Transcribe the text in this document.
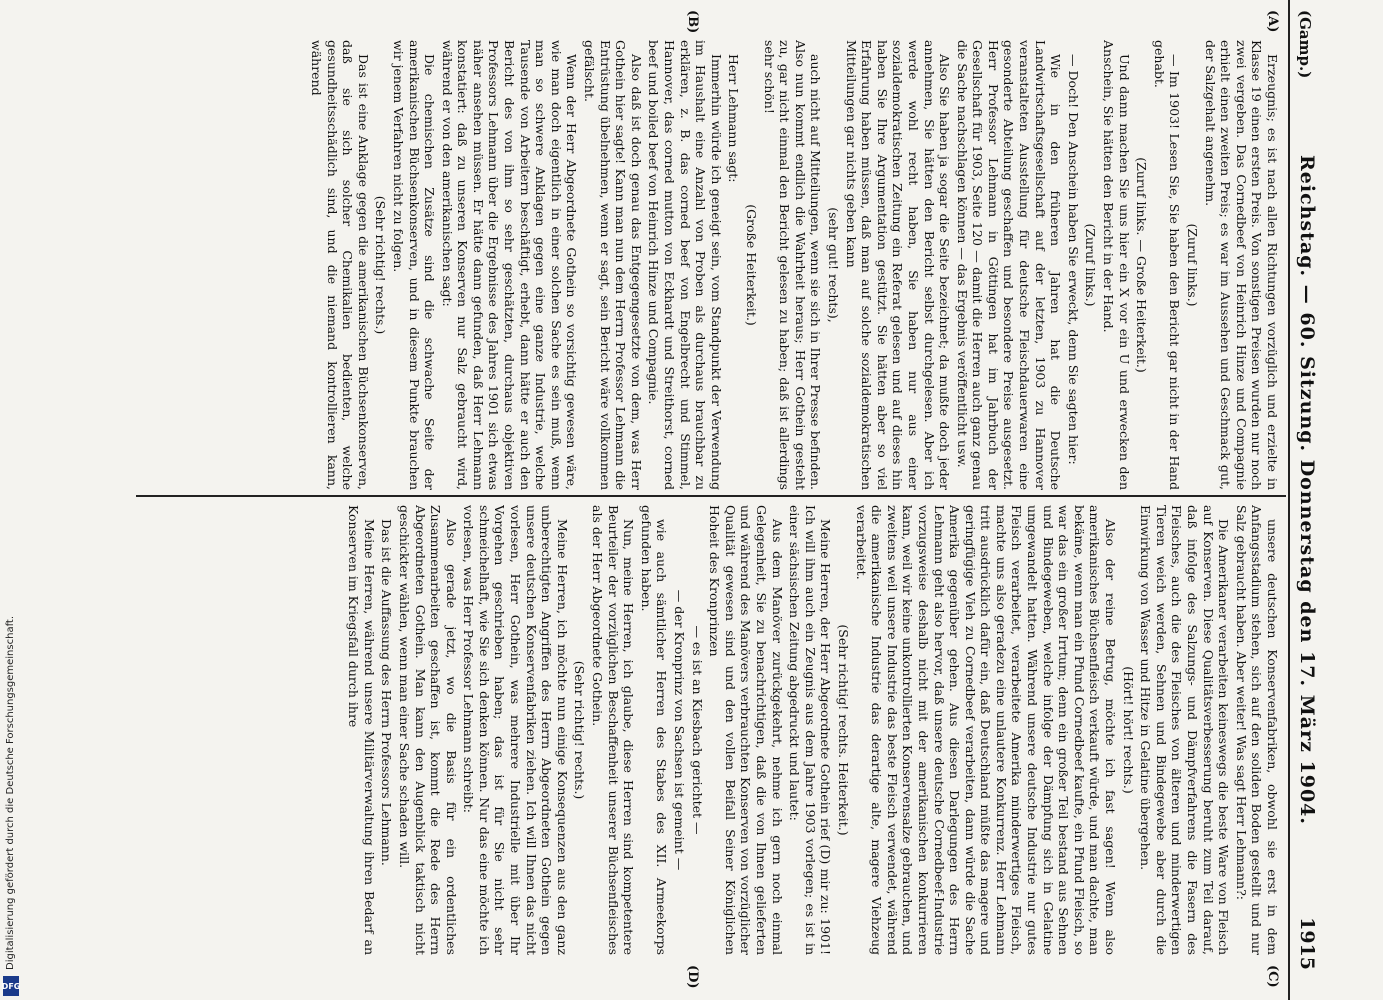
Digitalisierung gefördert durch die Deutsche Forschungsgemeinschaft.
DFG
(Gamp.)
Reichstag. — 60. Sitzung. Donnerstag den 17. März 1904.
1915
(A)
(B)
(C)
(D)

Erzeugnis; es ist nach allen Richtungen vorzüglich und erzielte in Klasse 19 einen ersten Preis. Von sonstigen Preisen wurden nur noch zwei vergeben. Das Cornedbeef von Heinrich Hinze und Compagnie erhielt einen zweiten Preis; es war im Aussehen und Geschmack gut, der Salzgehalt angenehm.

(Zuruf links.)

— Im 1903! Lesen Sie, Sie haben den Bericht gar nicht in der Hand gehabt.

(Zuruf links. — Große Heiterkeit.)

Und dann machen Sie uns hier ein X vor ein U und erwecken den Anschein, Sie hätten den Bericht in der Hand.

(Zuruf links.)

— Doch! Den Anschein haben Sie erweckt, denn Sie sagten hier:

Wie in den früheren Jahren hat die Deutsche Landwirtschaftsgesellschaft auf der letzten, 1903 zu Hannover veranstalteten Ausstellung für deutsche Fleischdauerwaren eine gesonderte Abteilung geschaffen und besondere Preise ausgesetzt. Herr Professor Lehmann in Göttingen hat im Jahrbuch der Gesellschaft für 1903, Seite 120 — damit die Herren auch ganz genau die Sache nachschlagen können — das Ergebnis veröffentlicht usw.

Also Sie haben ja sogar die Seite bezeichnet; da mußte doch jeder annehmen, Sie hätten den Bericht selbst durchgelesen. Aber ich werde wohl recht haben, Sie haben nur aus einer sozialdemokratischen Zeitung ein Referat gelesen und auf dieses hin haben Sie Ihre Argumentation gestützt. Sie hätten aber so viel Erfahrung haben müssen, daß man auf solche sozialdemokratischen Mitteilungen gar nichts geben kann

(sehr gut! rechts),

auch nicht auf Mitteilungen, wenn sie sich in Ihrer Presse befinden. Also nun kommt endlich die Wahrheit heraus; Herr Gothein gesteht zu, gar nicht einmal den Bericht gelesen zu haben; daß ist allerdings sehr schön!

(Große Heiterkeit.)

Herr Lehmann sagt:

Immerhin würde ich geneigt sein, vom Standpunkt der Verwendung im Haushalt eine Anzahl von Proben als durchaus brauchbar zu erklären, z. B. das corned beef von Engelbrecht und Stimmel, Hannover, das corned mutton von Eckhardt und Streithorst, corned beef und boiled beef von Heinrich Hinze und Compagnie.

Also daß ist doch genau das Entgegengesetzte von dem, was Herr Gothein hier sagte! Kann man nun dem Herrn Professor Lehmann die Entrüstung übelnehmen, wenn er sagt, sein Bericht wäre vollkommen gefälscht.

Wenn der Herr Abgeordnete Gothein so vorsichtig gewesen wäre, wie man doch eigentlich in einer solchen Sache es sein muß, wenn man so schwere Anklagen gegen eine ganze Industrie, welche Tausende von Arbeitern beschäftigt, erhebt, dann hätte er auch den Bericht des von ihm so sehr geschätzten, durchaus objektiven Professors Lehmann über die Ergebnisse des Jahres 1901 sich etwas näher ansehen müssen. Er hätte dann gefunden, daß Herr Lehmann konstatiert: daß zu unseren Konserven nur Salz gebraucht wird, während er von den amerikanischen sagt:

Die chemischen Zusätze sind die schwache Seite der amerikanischen Büchsenkonserven, und in diesem Punkte brauchen wir jenem Verfahren nicht zu folgen.

(Sehr richtig! rechts.)

Das ist eine Anklage gegen die amerikanischen Büchsenkonserven, daß sie sich solcher Chemikalien bedienten, welche gesundheitsschädlich sind, und die niemand kontrollieren kann, während

unsere deutschen Konservenfabriken, obwohl sie erst in dem Anfangsstadium stehen, sich auf den soliden Boden gestellt und nur Salz gebraucht haben. Aber weiter! Was sagt Herr Lehmann?:

Die Amerikaner verarbeiten keineswegs die beste Ware von Fleisch auf Konserven. Diese Qualitätsverbesserung beruht zum Teil darauf, daß infolge des Salzungs- und Dämpfverfahrens die Fasern des Fleisches, auch die des Fleisches von älteren und minderwertigen Tieren weich werden, Sehnen und Bindegewebe aber durch die Einwirkung von Wasser und Hitze in Gelatine übergehen.

(Hört! hört! rechts.)

Also der reine Betrug, möchte ich fast sagen! Wenn also amerikanisches Büchsenfleisch verkauft würde, und man dachte, man bekäme, wenn man ein Pfund Cornedbeef kaufte, ein Pfund Fleisch, so war das ein großer Irrtum; denn ein großer Teil bestand aus Sehnen und Bindegeweben, welche infolge der Dämpfung sich in Gelatine umgewandelt hatten. Während unsere deutsche Industrie nur gutes Fleisch verarbeitet, verarbeitete Amerika minderwertiges Fleisch, machte uns also geradezu eine unlautere Konkurrenz. Herr Lehmann tritt ausdrücklich dafür ein, daß Deutschland müßte das magere und geringfügige Vieh zu Cornedbeef verarbeiten, dann würde die Sache Amerika gegenüber gehen. Aus diesen Darlegungen des Herrn Lehmann geht also hervor, daß unsere deutsche Cornedbeef-Industrie vorzugsweise deshalb nicht mit der amerikanischen konkurrieren kann, weil wir keine unkontrollierten Konservensalze gebrauchen, und zweitens weil unsere Industrie das beste Fleisch verwendet, während die amerikanische Industrie das derartige alte, magere Viehzeug verarbeitet.

(Sehr richtig! rechts. Heiterkeit.)

Meine Herren, der Herr Abgeordnete Gothein rief (D) mir zu: 1901! Ich will ihm auch ein Zeugnis aus dem Jahre 1903 vorlegen; es ist in einer sächsischen Zeitung abgedruckt und lautet:

Aus dem Manöver zurückgekehrt, nehme ich gern noch einmal Gelegenheit, Sie zu benachrichtigen, daß die von Ihnen gelieferten und während des Manövers verbrauchten Konserven von vorzüglicher Qualität gewesen sind und den vollen Beifall Seiner Königlichen Hoheit des Kronprinzen

— es ist an Kiesbach gerichtet —

— der Kronprinz von Sachsen ist gemeint —

wie auch sämtlicher Herren des Stabes des XII. Armeekorps gefunden haben.

Nun, meine Herren, ich glaube, diese Herren sind kompetentere Beurteiler der vorzüglichen Beschaffenheit unserer Büchsenfleisches als der Herr Abgeordnete Gothein.

(Sehr richtig! rechts.)

Meine Herren, ich möchte nun einige Konsequenzen aus den ganz unberechtigten Angriffen des Herrn Abgeordneten Gothein gegen unsere deutschen Konservenfabriken ziehen. Ich will Ihnen das nicht vorlesen, Herr Gothein, was mehrere Industrielle mit über Ihr Vorgehen geschrieben haben; das ist für Sie nicht sehr schmeichelhaft, wie Sie sich denken können. Nur das eine möchte ich vorlesen, was Herr Professor Lehmann schreibt:

Also gerade jetzt, wo die Basis für ein ordentliches Zusammenarbeiten geschaffen ist, kommt die Rede des Herrn Abgeordneten Gothein. Man kann den Augenblick taktisch nicht geschickter wählen, wenn man einer Sache schaden will.

Das ist die Auffassung des Herrn Professors Lehmann.

Meine Herren, während unsere Militärverwaltung ihren Bedarf an Konserven im Kriegsfall durch ihre
